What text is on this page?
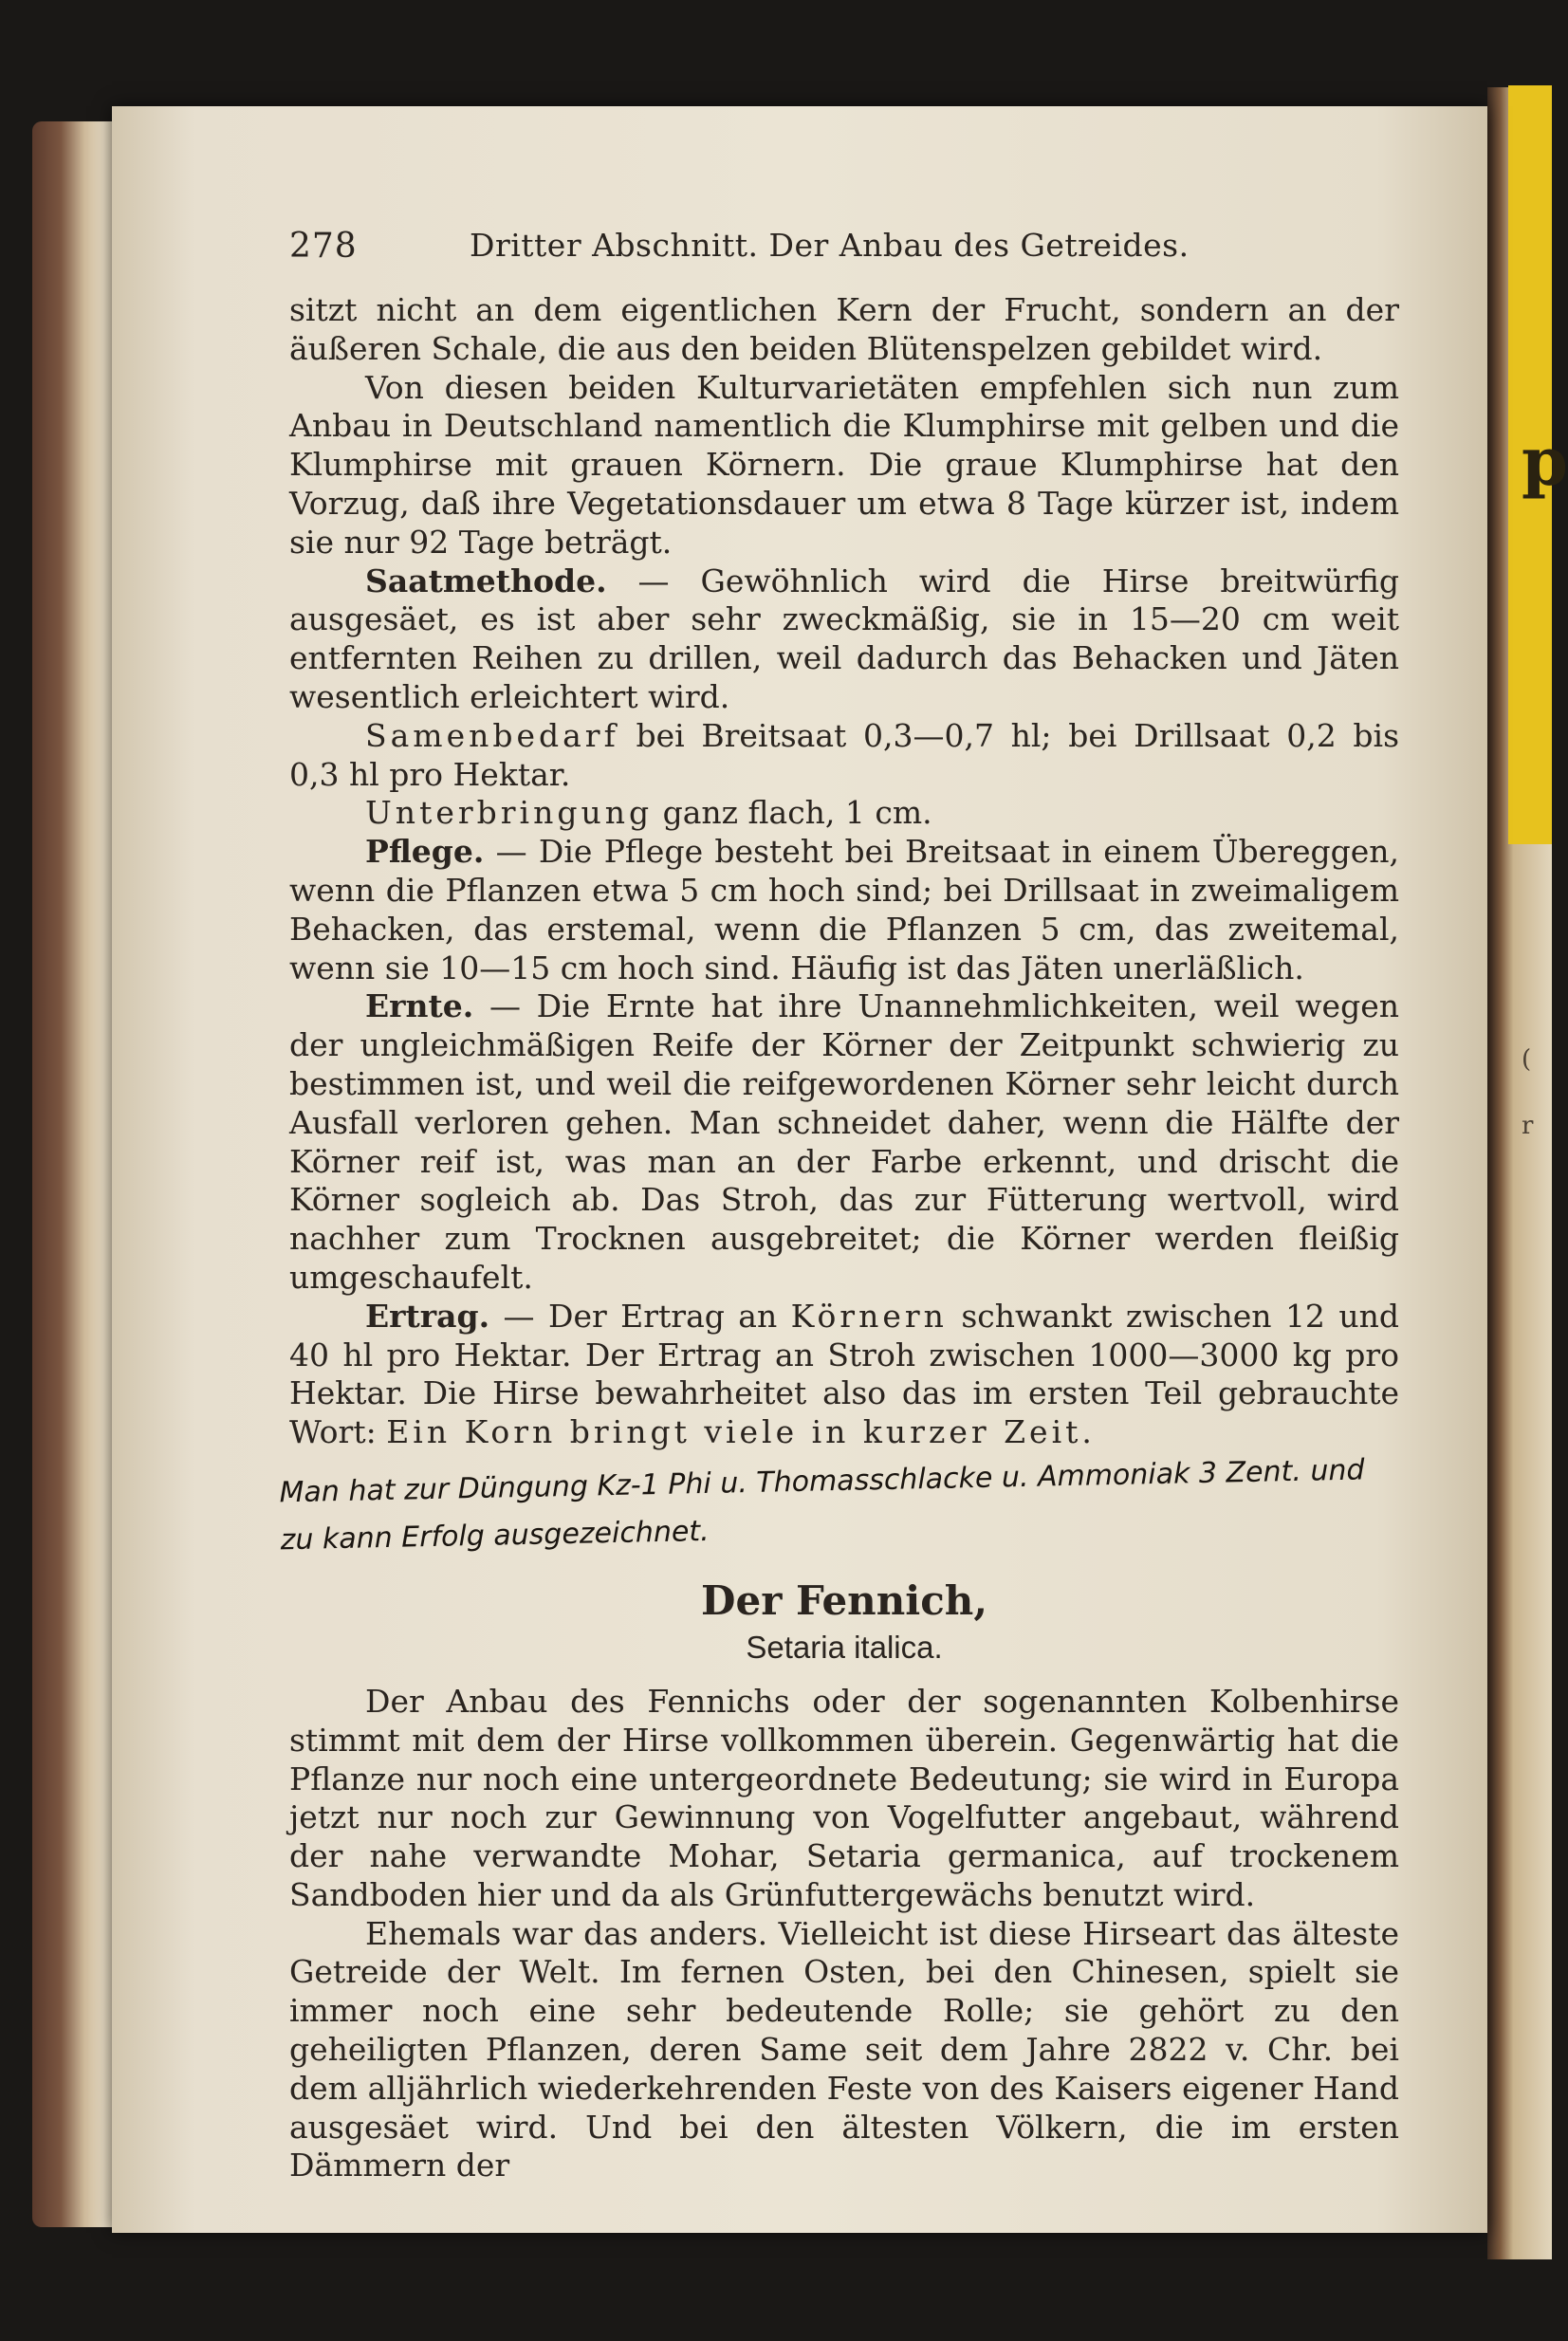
(
r
p
278	Dritter Abschnitt. Der Anbau des Getreides.

sitzt nicht an dem eigentlichen Kern der Frucht, sondern an der äußeren Schale, die aus den beiden Blütenspelzen gebildet wird.

Von diesen beiden Kulturvarietäten empfehlen sich nun zum Anbau in Deutschland namentlich die Klumphirse mit gelben und die Klumphirse mit grauen Körnern. Die graue Klumphirse hat den Vorzug, daß ihre Vegetationsdauer um etwa 8 Tage kürzer ist, indem sie nur 92 Tage beträgt.

Saatmethode. — Gewöhnlich wird die Hirse breitwürfig ausgesäet, es ist aber sehr zweckmäßig, sie in 15—20 cm weit entfernten Reihen zu drillen, weil dadurch das Behacken und Jäten wesentlich erleichtert wird.

Samenbedarf bei Breitsaat 0,3—0,7 hl; bei Drillsaat 0,2 bis 0,3 hl pro Hektar.

Unterbringung ganz flach, 1 cm.

Pflege. — Die Pflege besteht bei Breitsaat in einem Übereggen, wenn die Pflanzen etwa 5 cm hoch sind; bei Drillsaat in zweimaligem Behacken, das erstemal, wenn die Pflanzen 5 cm, das zweitemal, wenn sie 10—15 cm hoch sind. Häufig ist das Jäten unerläßlich.

Ernte. — Die Ernte hat ihre Unannehmlichkeiten, weil wegen der ungleichmäßigen Reife der Körner der Zeitpunkt schwierig zu bestimmen ist, und weil die reifgewordenen Körner sehr leicht durch Ausfall verloren gehen. Man schneidet daher, wenn die Hälfte der Körner reif ist, was man an der Farbe erkennt, und drischt die Körner sogleich ab. Das Stroh, das zur Fütterung wertvoll, wird nachher zum Trocknen ausgebreitet; die Körner werden fleißig umgeschaufelt.

Ertrag. — Der Ertrag an Körnern schwankt zwischen 12 und 40 hl pro Hektar. Der Ertrag an Stroh zwischen 1000—3000 kg pro Hektar. Die Hirse bewahrheitet also das im ersten Teil gebrauchte Wort: Ein Korn bringt viele in kurzer Zeit.

Man hat zur Düngung Kz-1 Phi u. Thomasschlacke u. Ammoniak 3 Zent. und
zu kann Erfolg ausgezeichnet.
Der Fennich,
Setaria italica.

Der Anbau des Fennichs oder der sogenannten Kolbenhirse stimmt mit dem der Hirse vollkommen überein. Gegenwärtig hat die Pflanze nur noch eine untergeordnete Bedeutung; sie wird in Europa jetzt nur noch zur Gewinnung von Vogelfutter angebaut, während der nahe verwandte Mohar, Setaria germanica, auf trockenem Sandboden hier und da als Grünfuttergewächs benutzt wird.

Ehemals war das anders. Vielleicht ist diese Hirseart das älteste Getreide der Welt. Im fernen Osten, bei den Chinesen, spielt sie immer noch eine sehr bedeutende Rolle; sie gehört zu den geheiligten Pflanzen, deren Same seit dem Jahre 2822 v. Chr. bei dem alljährlich wiederkehrenden Feste von des Kaisers eigener Hand ausgesäet wird. Und bei den ältesten Völkern, die im ersten Dämmern der
